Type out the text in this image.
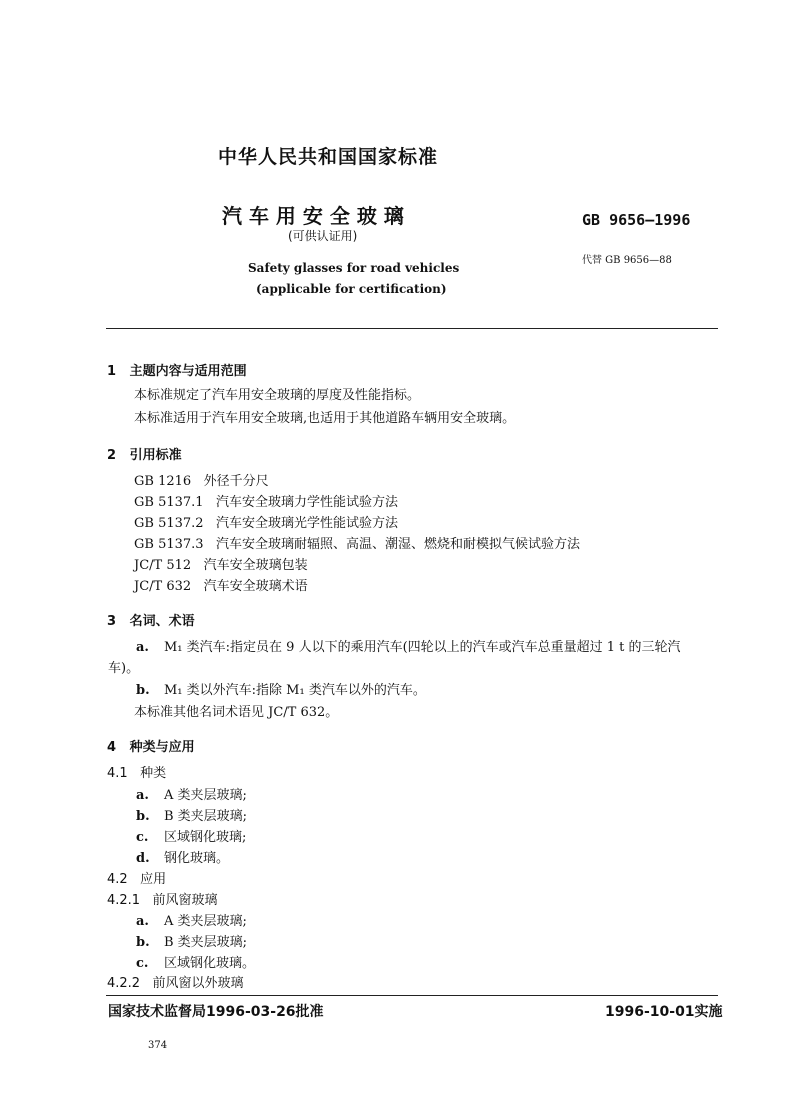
中华人民共和国国家标准
汽 车 用 安 全 玻 璃
(可供认证用)
Safety glasses for road vehicles
(applicable for certification)
GB 9656—1996
代替 GB 9656—88
1 主题内容与适用范围
本标准规定了汽车用安全玻璃的厚度及性能指标。
本标准适用于汽车用安全玻璃,也适用于其他道路车辆用安全玻璃。
2 引用标准
GB 1216 外径千分尺
GB 5137.1 汽车安全玻璃力学性能试验方法
GB 5137.2 汽车安全玻璃光学性能试验方法
GB 5137.3 汽车安全玻璃耐辐照、高温、潮湿、燃烧和耐模拟气候试验方法
JC/T 512 汽车安全玻璃包装
JC/T 632 汽车安全玻璃术语
3 名词、术语
a. M₁ 类汽车:指定员在 9 人以下的乘用汽车(四轮以上的汽车或汽车总重量超过 1 t 的三轮汽
车)。
b. M₁ 类以外汽车:指除 M₁ 类汽车以外的汽车。
本标准其他名词术语见 JC/T 632。
4 种类与应用
4.1 种类
a. A 类夹层玻璃;
b. B 类夹层玻璃;
c. 区域钢化玻璃;
d. 钢化玻璃。
4.2 应用
4.2.1 前风窗玻璃
a. A 类夹层玻璃;
b. B 类夹层玻璃;
c. 区域钢化玻璃。
4.2.2 前风窗以外玻璃
国家技术监督局1996-03-26批准	1996-10-01实施
374
